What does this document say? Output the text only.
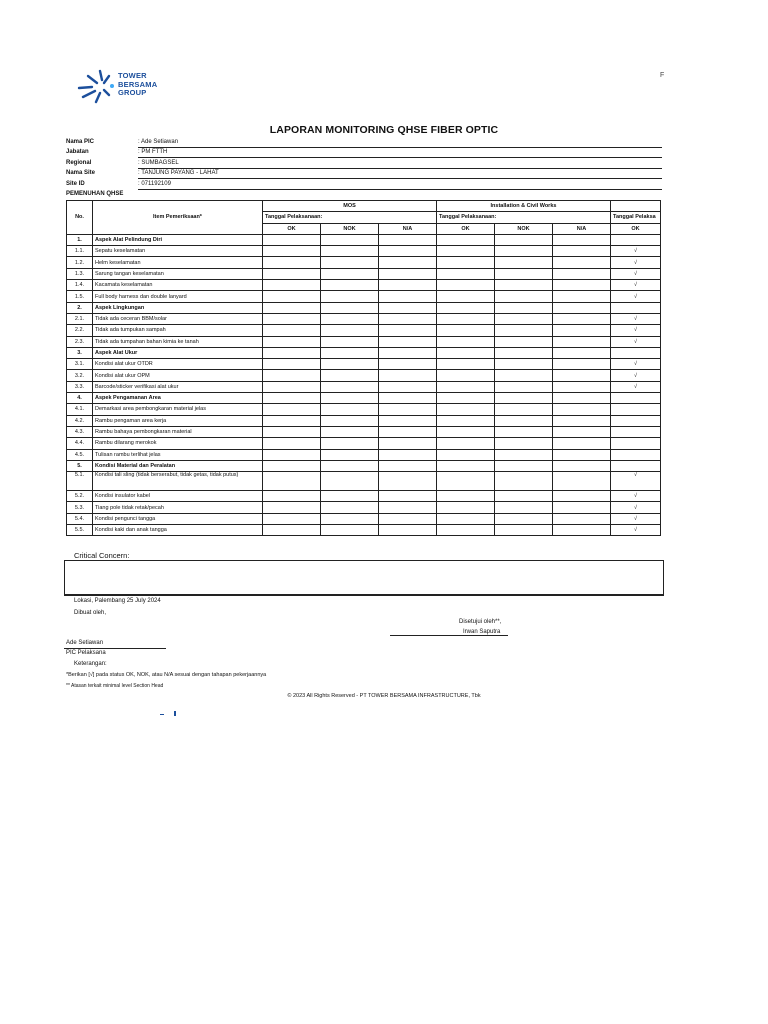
TOWER
BERSAMA
GROUP
F
LAPORAN MONITORING QHSE FIBER OPTIC
Nama PIC	: Ade Setiawan
Jabatan	: PM FTTH
Regional	: SUMBAGSEL
Nama Site	: TANJUNG PAYANG - LAHAT
Site ID	: 071192109
PEMENUHAN QHSE
No.	Item Pemeriksaan*	MOS			Installation & Civil Works			
		Tanggal Pelaksanaan:			Tanggal Pelaksanaan:			Tanggal Pelaksa
		OK	NOK	N/A	OK	NOK	N/A	OK
1.	Aspek Alat Pelindung Diri							
1.1.	Sepatu keselamatan							√
1.2.	Helm keselamatan							√
1.3.	Sarung tangan keselamatan							√
1.4.	Kacamata keselamatan							√
1.5.	Full body harness dan double lanyard							√
2.	Aspek Lingkungan							
2.1.	Tidak ada ceceran BBM/solar							√
2.2.	Tidak ada tumpukan sampah							√
2.3.	Tidak ada tumpahan bahan kimia ke tanah							√
3.	Aspek Alat Ukur							
3.1.	Kondisi alat ukur OTDR							√
3.2.	Kondisi alat ukur OPM							√
3.3.	Barcode/sticker verifikasi alat ukur							√
4.	Aspek Pengamanan Area							
4.1.	Demarkasi area pembongkaran material jelas							
4.2.	Rambu pengaman area kerja							
4.3.	Rambu bahaya pembongkaran material							
4.4.	Rambu dilarang merokok							
4.5.	Tulisan rambu terlihat jelas							
5.	Kondisi Material dan Peralatan							
5.1.	Kondisi tali sling (tidak berserabut, tidak getas, tidak putus)							√
5.2.	Kondisi insulator kabel							√
5.3.	Tiang pole tidak retak/pecah							√
5.4.	Kondisi pengunci tangga							√
5.5.	Kondisi kaki dan anak tangga							√
Critical Concern:
Lokasi, Palembang 25 July 2024
Dibuat oleh,
Disetujui oleh**,
Irwan Saputra
Ade Setiawan
PIC Pelaksana
Keterangan:
*Berikan [√] pada status OK, NOK, atau N/A sesuai dengan tahapan pekerjaannya
** Atasan terkait minimal level Section Head
© 2023 All Rights Reserved - PT TOWER BERSAMA INFRASTRUCTURE, Tbk
